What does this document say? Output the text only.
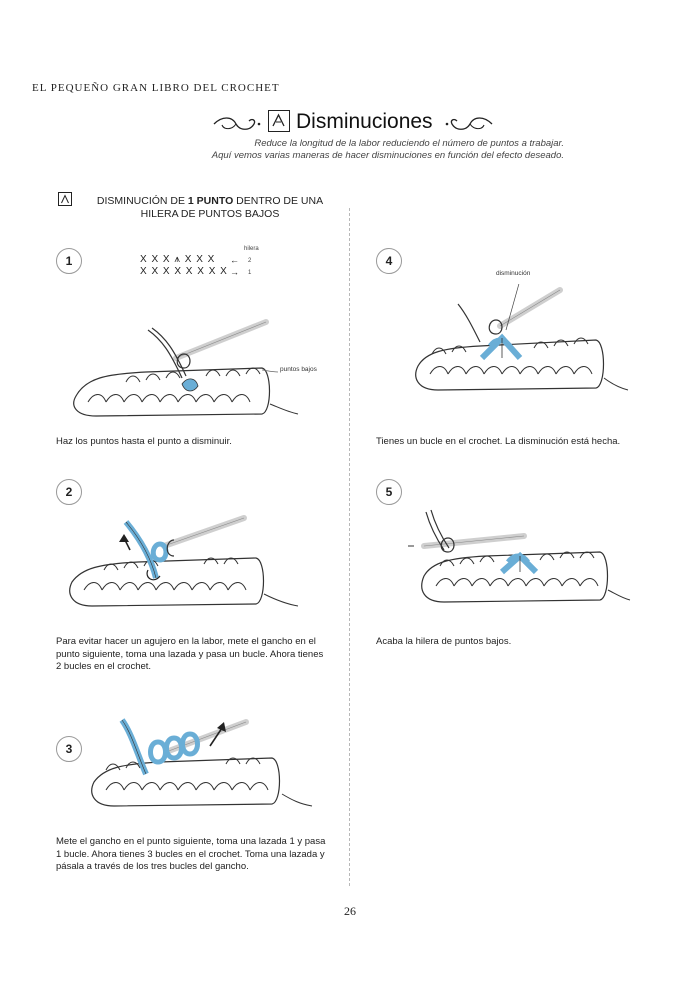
EL PEQUEÑO GRAN LIBRO DEL CROCHET
Disminuciones
Reduce la longitud de la labor reduciendo el número de puntos a trabajar.
Aquí vemos varias maneras de hacer disminuciones en función del efecto deseado.
DISMINUCIÓN DE 1 PUNTO DENTRO DE UNA HILERA DE PUNTOS BAJOS
1
hilera
X X X ⩚ X X X
X X X X X X X X
←
→
2
1
puntos bajos
Haz los puntos hasta el punto a disminuir.
2
Para evitar hacer un agujero en la labor, mete el gancho en el punto siguiente, toma una lazada y pasa un bucle. Ahora tienes 2 bucles en el crochet.
3
Mete el gancho en el punto siguiente, toma una lazada 1 y pasa 1 bucle. Ahora tienes 3 bucles en el crochet. Toma una lazada y pásala a través de los tres bucles del gancho.
4
disminución
Tienes un bucle en el crochet. La disminución está hecha.
5
Acaba la hilera de puntos bajos.
26
